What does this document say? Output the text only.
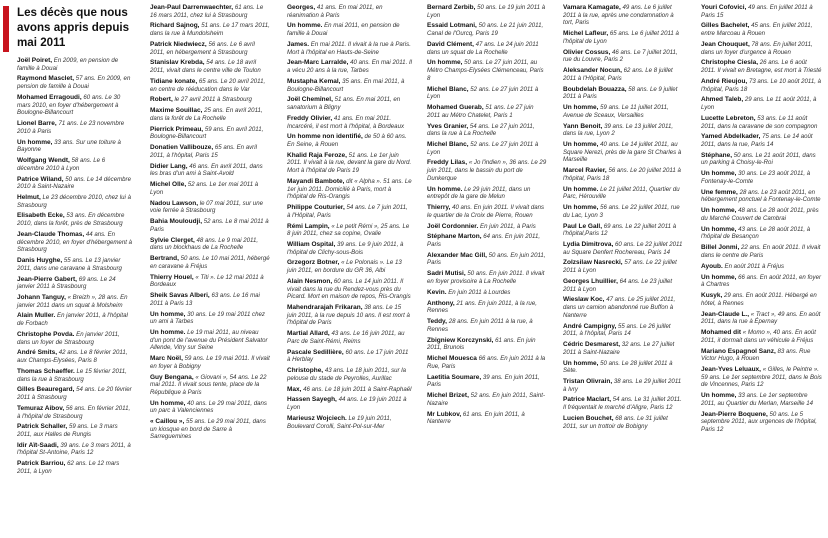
Les décès que nous avons appris depuis mai 2011
Joël Poiret, En 2009, en pension de famille à Douai
Raymond Masclet, 57 ans. En 2009, en pension de famille à Douai
Mohamed Erragoudi, 60 ans. Le 30 mars 2010, en foyer d'hébergement à Boulogne-Billancourt
Lionel Barre, 71 ans. Le 23 novembre 2010 à Paris
Un homme, 33 ans. Sur une toiture à Bayonne
Wolfgang Wendt, 58 ans. Le 6 décembre 2010 à Lyon
Patrice Wiland, 50 ans. Le 14 décembre 2010 à Saint-Nazaire
Helmut, Le 23 décembre 2010, chez lui à Strasbourg
Elisabeth Ecke, 53 ans. En décembre 2010, dans la forêt, près de Strasbourg
Jean-Claude Thomas, 44 ans. En décembre 2010, en foyer d'hébergement à Strasbourg
Danis Huyghe, 55 ans. Le 13 janvier 2011, dans une caravane à Strasbourg
Jean-Pierre Gabert, 69 ans. Le 24 janvier 2011 à Strasbourg
Johann Tanguy, « Breizh », 28 ans. En janvier 2011 dans un squat à Molsheim
Alain Muller. En janvier 2011, à l'hôpital de Forbach
Christophe Povda. En janvier 2011, dans un foyer de Strasbourg
André Smits, 42 ans. Le 8 février 2011, aux Champs-Elysées, Paris 8
Thomas Schaeffer. Le 15 février 2011, dans la rue à Strasbourg
Gilles Beauregard, 54 ans. Le 20 février 2011 à Strasbourg
Temuraz Aibov, 56 ans. En février 2011, à l'hôpital de Strasbourg
Patrick Schaller, 59 ans. Le 3 mars 2011, aux Halles de Rungis
Idir Aït-Saadi, 39 ans. Le 3 mars 2011, à l'hôpital St-Antoine, Paris 12
Patrick Barriou, 62 ans. Le 12 mars 2011, à Lyon
Jean-Paul Darrenwaechter, 61 ans. Le 16 mars 2011, chez lui à Strasbourg
Richard Sajnog, 51 ans. Le 17 mars 2011, dans la rue à Mundolsheim
Patrick Niedwiecz, 56 ans. Le 6 avril 2011, en hébergement à Strasbourg
Stanislav Krebda, 54 ans. Le 18 avril 2011, vivait dans le centre ville de Toulon
Tidiane konate, 65 ans. Le 20 avril 2011, en centre de rééducation dans le Var
Robert, le 27 avril 2011 à Strasbourg
Maxime Souillac, 25 ans. En avril 2011, dans la forêt de La Rochelle
Pierrick Primeau, 59 ans. En avril 2011, Boulogne-Billancourt
Donatien Vallibouze, 65 ans. En avril 2011, à l'hôpital, Paris 15
Didier Lang, 46 ans. En avril 2011, dans les bras d'un ami à Saint-Avold
Michel Olle, 52 ans. Le 1er mai 2011 à Lyon
Nadou Lawson, le 07 mai 2011, sur une voie ferrée à Strasbourg
Bahia Mouloudji, 52 ans. Le 8 mai 2011 à Paris
Sylvie Clerget, 48 ans. Le 9 mai 2011, dans un blockhaus de La Rochelle
Bertrand, 50 ans. Le 10 mai 2011, hébergé en caravane à Fréjus
Thierry Houel, « Titi ». Le 12 mai 2011 à Bordeaux
Sheik Savas Alberi, 63 ans. Le 16 mai 2011 à Paris 13
Un homme, 30 ans. Le 19 mai 2011 chez un ami à Tarbes
Un homme. Le 19 mai 2011, au niveau d'un pont de l'avenue du Président Salvator Allende, Vitry sur Seine
Marc Noël, 59 ans. Le 19 mai 2011. Il vivait en foyer à Bobigny
Guy Bengana, « Giovani », 54 ans. Le 22 mai 2011. Il vivait sous tente, place de la République à Paris
Un homme, 40 ans. Le 29 mai 2011, dans un parc à Valenciennes
« Caillou », 55 ans. Le 29 mai 2011, dans un kiosque en bord de Sarre à Sarreguemines
Georges, 41 ans. En mai 2011, en réanimation à Paris
Un homme. En mai 2011, en pension de famille à Douai
James. En mai 2011. Il vivait à la rue à Paris. Mort à l'hôpital en Hauts-de-Seine
Jean-Marc Larralde, 40 ans. En mai 2011. Il a vécu 20 ans à la rue, Tarbes
Mustapha Kemal, 35 ans. En mai 2011, à Boulogne-Billancourt
Joël Chemînel, 51 ans. En mai 2011, en sanatorium à Bligny
Freddy Olivier, 41 ans. En mai 2011. Incarcéré, il est mort à l'hôpital, à Bordeaux
Un homme non identifié, de 50 à 60 ans. En Seine, à Rouen
Khalid Raja Feroze, 51 ans. Le 1er juin 2011. Il vivait à la rue, devant la gare du Nord. Mort à l'hôpital de Paris 19
Mayandi Bambote, dit « Alpha ». 51 ans. Le 1er juin 2011. Domicilié à Paris, mort à l'hôpital de Ris-Orangis
Philippe Couturier, 54 ans. Le 7 juin 2011, à l'Hôpital, Paris
Rémi Lampin, « Le petit Rémi », 25 ans. Le 8 juin 2011, chez sa copine, Ovalie
William Ospital, 39 ans. Le 9 juin 2011, à l'hôpital de Clichy-sous-Bois
Grzegorz Botner, « Le Polonais ». Le 13 juin 2011, en bordure du GR 36, Albi
Alain Nesmon, 60 ans. Le 14 juin 2011. Il vivait dans la rue du Rendez-vous près du Picard. Mort en maison de repos, Ris-Orangis
Mahendrarajah Frikaran, 38 ans. Le 15 juin 2011, à la rue depuis 10 ans. Il est mort à l'hôpital de Paris
Martial Allard, 43 ans. Le 16 juin 2011, au Parc de Saint-Rémi, Reims
Pascale Sedillière, 60 ans. Le 17 juin 2011 à Herblay
Christophe, 43 ans. Le 18 juin 2011, sur la pelouse du stade de Peyrolles, Aurillac
Max, 46 ans. Le 18 juin 2011 à Saint-Raphaël
Hassen Sayegh, 44 ans. Le 19 juin 2011 à Lyon
Marieusz Wojciech. Le 19 juin 2011, Boulevard Corolli, Saint-Pol-sur-Mer
Bernard Zerbib, 50 ans. Le 19 juin 2011 à Lyon
Essaid Lotmani, 50 ans. Le 21 juin 2011, Canal de l'Ourcq, Paris 19
David Clément, 47 ans. Le 24 juin 2011 dans un squat de La Rochelle
Un homme, 50 ans. Le 27 juin 2011, au Métro Champs-Elysées Clémenceau, Paris 8
Michel Blanc, 52 ans. Le 27 juin 2011 à Lyon
Mohamed Guerab, 51 ans. Le 27 juin 2011 au Métro Chatelet, Paris 1
Yves Granier, 54 ans. Le 27 juin 2011, dans la rue à La Rochelle
Michel Blanc, 52 ans. Le 27 juin 2011 à Lyon
Freddy Lilas, « Jo l'indien », 36 ans. Le 29 juin 2011, dans le bassin du port de Dunkerque
Un homme. Le 29 juin 2011, dans un entrepôt de la gare de Melun
Thierry, 40 ans. En juin 2011. Il vivait dans le quartier de la Croix de Pierre, Rouen
Joël Cordonnier. En juin 2011, à Paris
Stéphane Marton, 64 ans. En juin 2011, Paris
Alexander Mac Gill, 50 ans. En juin 2011, Paris
Sadri Mutisi, 50 ans. En juin 2011. Il vivait en foyer provisoire à La Rochelle
Kevin. En juin 2011 à Lourdes
Anthony, 21 ans. En juin 2011, à la rue, Rennes
Teddy, 28 ans. En juin 2011 à la rue, à Rennes
Zbigniew Korczynski, 61 ans. En juin 2011, Brunois
Michel Mouesca 66 ans. En juin 2011 à la Rue, Paris
Laetitia Soumare, 39 ans. En juin 2011, Paris
Michel Brizet, 52 ans. En juin 2011, Saint-Nazaire
Mr Lubkov, 61 ans. En juin 2011, à Nanterre
Vamara Kamagate, 49 ans. Le 6 juillet 2011 à la rue, après une condamnation à tort, Paris
Michel Lafleur, 65 ans. Le 6 juillet 2011 à l'hôpital de Lyon
Olivier Cossus, 46 ans. Le 7 juillet 2011, rue du Louvre, Paris 2
Aleksander Nocun, 62 ans. Le 8 juillet 2011 à l'Hôpital, Paris
Boubdelah Bouazza, 58 ans. Le 9 juillet 2011 à Paris
Un homme, 59 ans. Le 11 juillet 2011, Avenue de Sceaux, Versailles
Yann Benoit, 39 ans. Le 13 juillet 2011, dans la rue, Lyon 2
Un homme, 40 ans. Le 14 juillet 2011, au Square Nerezi, près de la gare St Charles à Marseille
Marcel Ravier, 56 ans. Le 20 juillet 2011 à l'hôpital, Paris 18
Un homme. Le 21 juillet 2011, Quartier du Parc, Hérouville
Un homme, 56 ans. Le 22 juillet 2011, rue du Lac, Lyon 3
Paul Le Gall, 69 ans. Le 22 juillet 2011 à l'hôpital,Paris 12
Lydia Dimitrova, 60 ans. Le 22 juillet 2011 au Square Denfert Rochereau, Paris 14
Zolzsilaw Nasrecki, 57 ans. Le 22 juillet 2011 à Lyon
Georges Lhuillier, 64 ans. Le 23 juillet 2011 à Lyon
Wieslaw Koc, 47 ans. Le 25 juillet 2011, dans un camion abandonné rue Buffon à Nanterre
André Campigny, 55 ans. Le 26 juillet 2011, à l'hôpital, Paris 14
Cédric Desmarest, 32 ans. Le 27 juillet 2011 à Saint-Nazaire
Un homme, 50 ans. Le 28 juillet 2011 à Sète.
Tristan Olivrain, 38 ans. Le 29 juillet 2011 à Ivry
Patrice Maclart, 54 ans. Le 31 juillet 2011. Il fréquentait le marché d'Aligre, Paris 12
Lucien Bouchet, 68 ans. Le 31 juillet 2011, sur un trottoir de Bobigny
Youri Cofovici, 49 ans. En juillet 2011 à Paris 15
Gilles Bachelet, 45 ans. En juillet 2011, entre Marcoau à Rouen
Jean Chouquet, 78 ans. En juillet 2011, dans un foyer d'urgence à Rouen
Christophe Ciesla, 26 ans. Le 6 août 2011. Il vivait en Bretagne, est mort à Triesté
André Rieujou, 73 ans. Le 10 août 2011, à l'hôpital, Paris 18
Ahmed Taleb, 29 ans. Le 11 août 2011, à Lyon
Lucette Lebreton, 53 ans. Le 11 août 2011, dans la caravane de son compagnon
Yamed Abdelkader, 75 ans. Le 14 août 2011, dans la rue, Paris 14
Stéphane, 50 ans. Le 21 août 2011, dans un parking à Choisy-le-Roi
Un homme, 30 ans. Le 23 août 2011, à Fontenay-le-Comte
Une femme, 28 ans. Le 23 août 2011, en hébergement ponctuel à Fontenay-le-Comte
Un homme, 48 ans. Le 28 août 2011, près du Marché Couvert de Cambrai
Un homme, 43 ans. Le 28 août 2011, à l'hôpital de Besançon
Billel Jonmi, 22 ans. En août 2011. Il vivait dans le centre de Paris
Ayoub. En août 2011 à Fréjus
Un homme, 66 ans. En août 2011, en foyer à Chartres
Kusyk, 29 ans. En août 2011. Hébergé en hôtel, à Rennes
Jean-Claude L., « Tract », 49 ans. En août 2011, dans la rue à Épernay
Mohamed dit « Momo », 40 ans. En août 2011, il dormait dans un véhicule à Fréjus
Mariano Espagnol Sanz, 83 ans. Rue Victor Hugo, à Rouen
Jean-Yves Leluaux, « Gilles, le Peintre ». 59 ans. Le 1er septembre 2011, dans le Bois de Vincennes, Paris 12
Un homme, 33 ans. Le 1er septembre 2011, au Quartier du Merlan, Marseille 14
Jean-Pierre Boquene, 50 ans. Le 5 septembre 2011, aux urgences de l'hôpital, Paris 12
